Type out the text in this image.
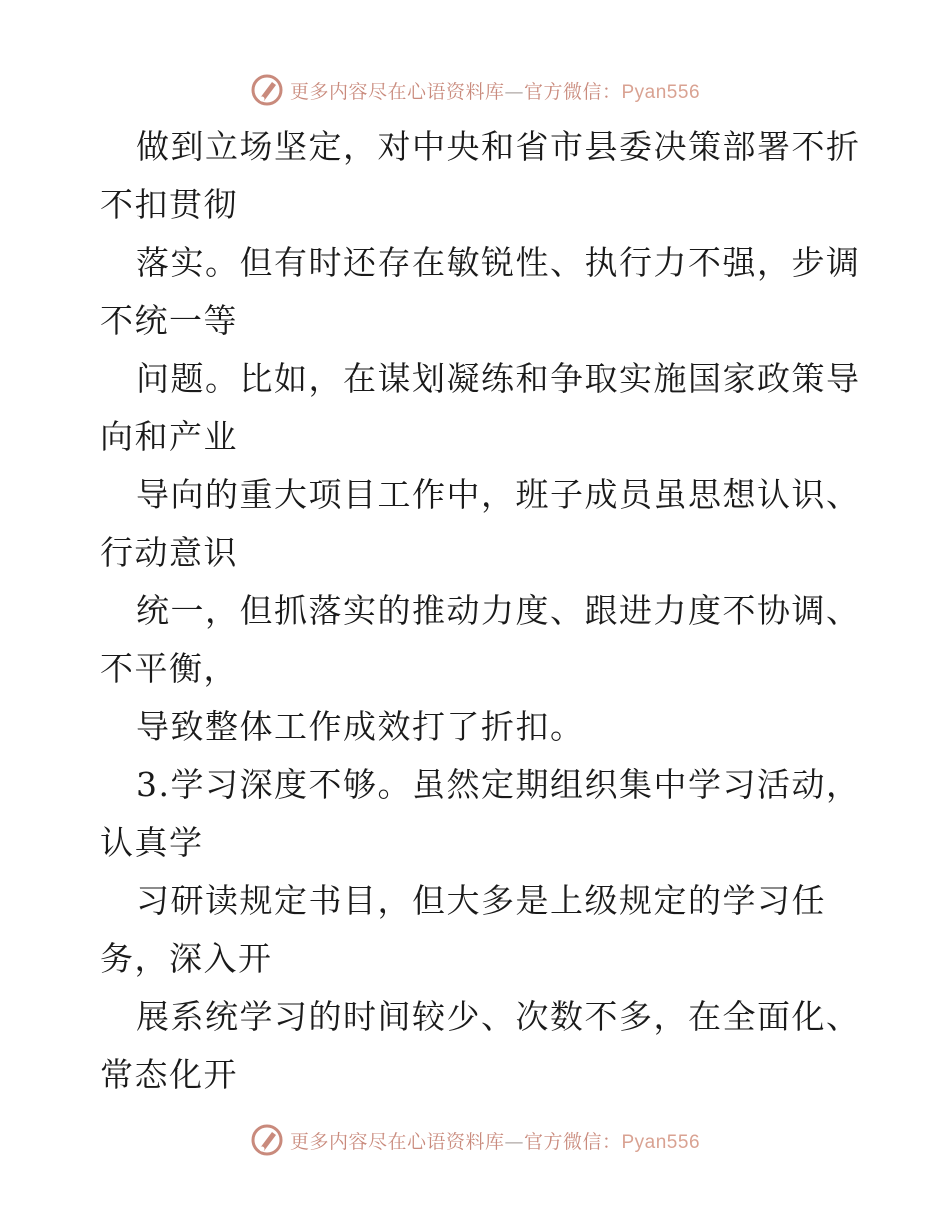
更多内容尽在心语资料库—官方微信：Pyan556
做到立场坚定，对中央和省市县委决策部署不折
不扣贯彻
落实。但有时还存在敏锐性、执行力不强，步调
不统一等
问题。比如，在谋划凝练和争取实施国家政策导
向和产业
导向的重大项目工作中，班子成员虽思想认识、
行动意识
统一，但抓落实的推动力度、跟进力度不协调、
不平衡，
导致整体工作成效打了折扣。
3.学习深度不够。虽然定期组织集中学习活动，
认真学
习研读规定书目，但大多是上级规定的学习任
务，深入开
展系统学习的时间较少、次数不多，在全面化、
常态化开
更多内容尽在心语资料库—官方微信：Pyan556
